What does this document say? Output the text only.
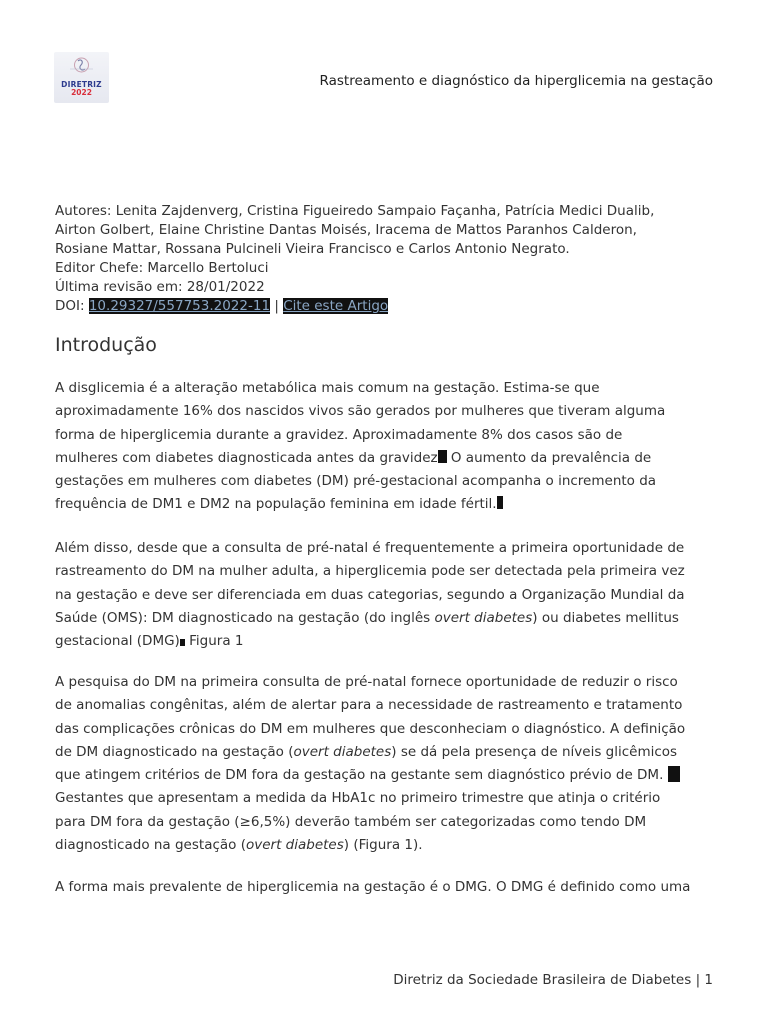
DIRETRIZ
2022
Rastreamento e diagnóstico da hiperglicemia na gestação
Autores: Lenita Zajdenverg, Cristina Figueiredo Sampaio Façanha, Patrícia Medici Dualib,
Airton Golbert, Elaine Christine Dantas Moisés, Iracema de Mattos Paranhos Calderon,
Rosiane Mattar, Rossana Pulcineli Vieira Francisco e Carlos Antonio Negrato.
Editor Chefe: Marcello Bertoluci
Última revisão em: 28/01/2022
DOI: 10.29327/557753.2022-11 | Cite este Artigo
Introdução
A disglicemia é a alteração metabólica mais comum na gestação. Estima-se que
aproximadamente 16% dos nascidos vivos são gerados por mulheres que tiveram alguma
forma de hiperglicemia durante a gravidez. Aproximadamente 8% dos casos são de
mulheres com diabetes diagnosticada antes da gravidez O aumento da prevalência de
gestações em mulheres com diabetes (DM) pré-gestacional acompanha o incremento da
frequência de DM1 e DM2 na população feminina em idade fértil.
Além disso, desde que a consulta de pré-natal é frequentemente a primeira oportunidade de
rastreamento do DM na mulher adulta, a hiperglicemia pode ser detectada pela primeira vez
na gestação e deve ser diferenciada em duas categorias, segundo a Organização Mundial da
Saúde (OMS): DM diagnosticado na gestação (do inglês overt diabetes) ou diabetes mellitus
gestacional (DMG) Figura 1
A pesquisa do DM na primeira consulta de pré-natal fornece oportunidade de reduzir o risco
de anomalias congênitas, além de alertar para a necessidade de rastreamento e tratamento
das complicações crônicas do DM em mulheres que desconheciam o diagnóstico. A definição
de DM diagnosticado na gestação (overt diabetes) se dá pela presença de níveis glicêmicos
que atingem critérios de DM fora da gestação na gestante sem diagnóstico prévio de DM.
Gestantes que apresentam a medida da HbA1c no primeiro trimestre que atinja o critério
para DM fora da gestação (≥6,5%) deverão também ser categorizadas como tendo DM
diagnosticado na gestação (overt diabetes) (Figura 1).
A forma mais prevalente de hiperglicemia na gestação é o DMG. O DMG é definido como uma
Diretriz da Sociedade Brasileira de Diabetes | 1
